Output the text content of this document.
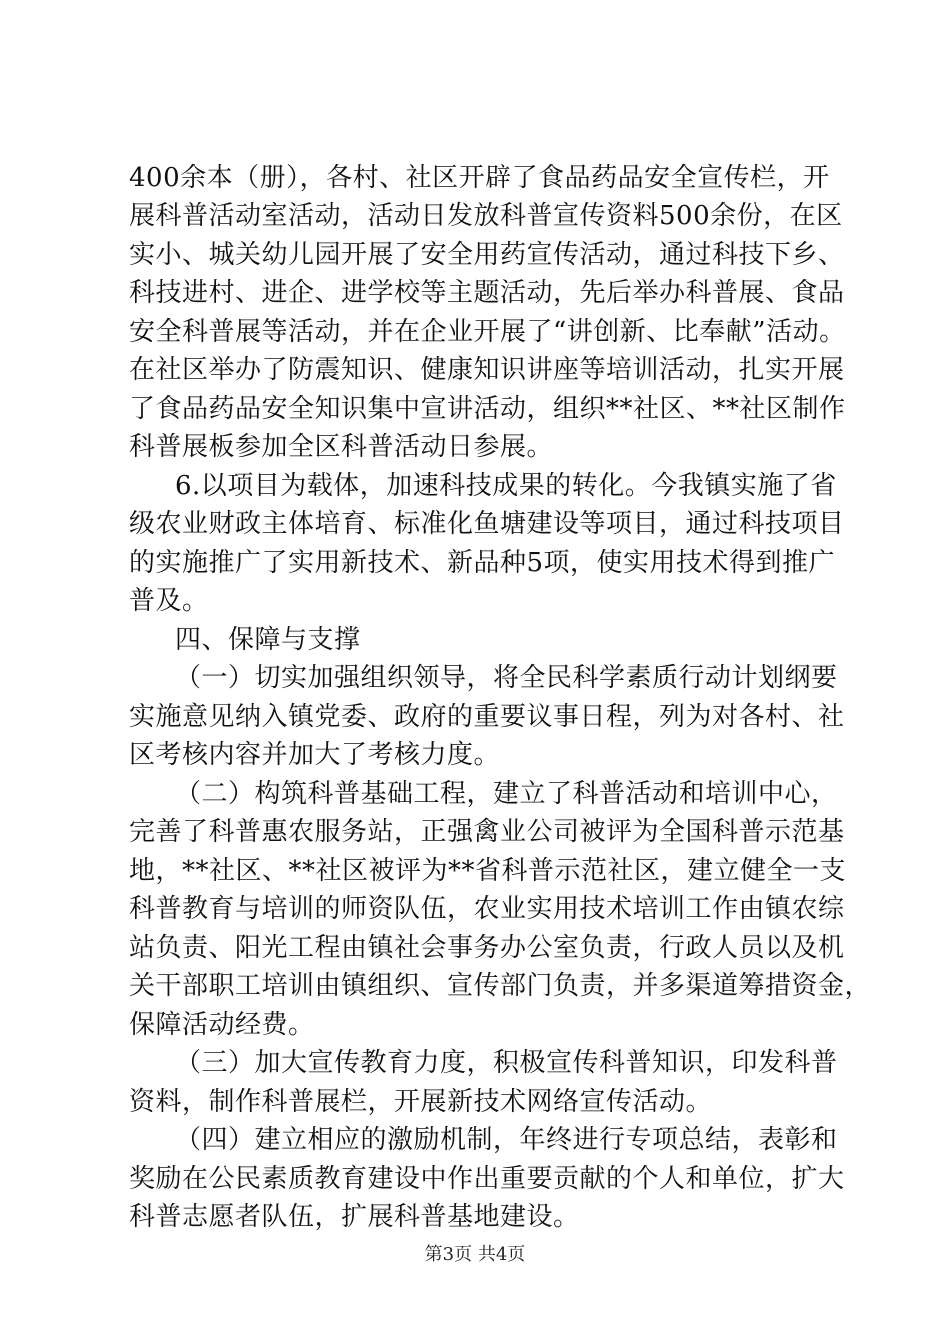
400余本（册），各村、社区开辟了食品药品安全宣传栏，开
展科普活动室活动，活动日发放科普宣传资料500余份，在区
实小、城关幼儿园开展了安全用药宣传活动，通过科技下乡、
科技进村、进企、进学校等主题活动，先后举办科普展、食品
安全科普展等活动，并在企业开展了“讲创新、比奉献”活动。
在社区举办了防震知识、健康知识讲座等培训活动，扎实开展
了食品药品安全知识集中宣讲活动，组织**社区、**社区制作
科普展板参加全区科普活动日参展。
6.以项目为载体，加速科技成果的转化。今我镇实施了省
级农业财政主体培育、标准化鱼塘建设等项目，通过科技项目
的实施推广了实用新技术、新品种5项，使实用技术得到推广
普及。
四、保障与支撑
（一）切实加强组织领导，将全民科学素质行动计划纲要
实施意见纳入镇党委、政府的重要议事日程，列为对各村、社
区考核内容并加大了考核力度。
（二）构筑科普基础工程，建立了科普活动和培训中心，
完善了科普惠农服务站，正强禽业公司被评为全国科普示范基
地，**社区、**社区被评为**省科普示范社区，建立健全一支
科普教育与培训的师资队伍，农业实用技术培训工作由镇农综
站负责、阳光工程由镇社会事务办公室负责，行政人员以及机
关干部职工培训由镇组织、宣传部门负责，并多渠道筹措资金，
保障活动经费。
（三）加大宣传教育力度，积极宣传科普知识，印发科普
资料，制作科普展栏，开展新技术网络宣传活动。
（四）建立相应的激励机制，年终进行专项总结，表彰和
奖励在公民素质教育建设中作出重要贡献的个人和单位，扩大
科普志愿者队伍，扩展科普基地建设。
第3页 共4页
